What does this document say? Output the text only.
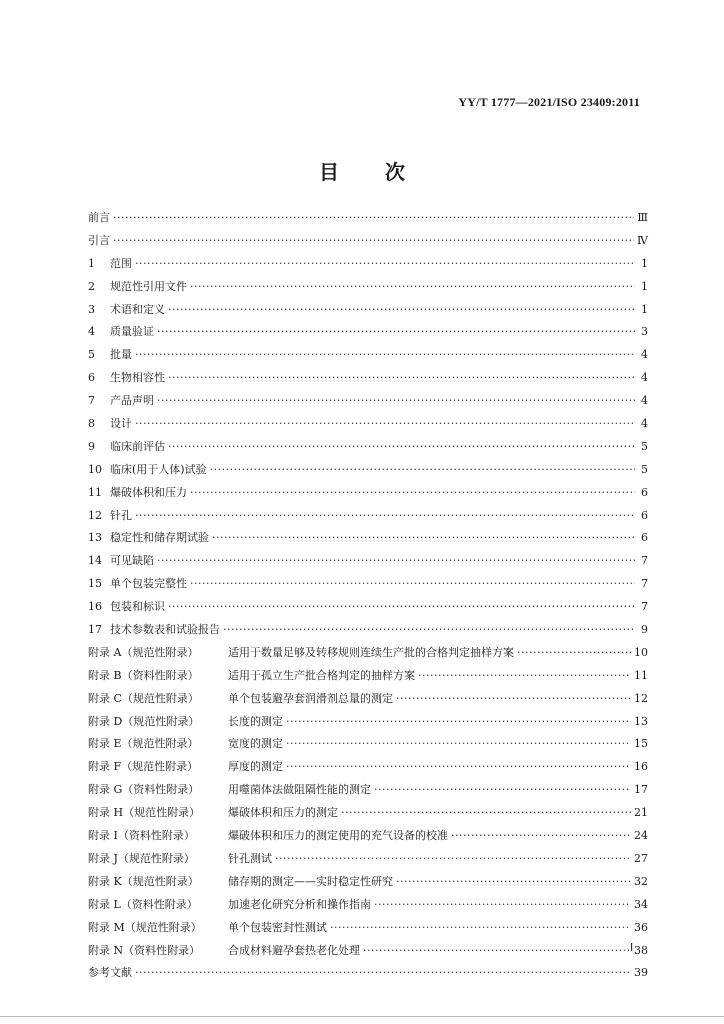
YY/T 1777—2021/ISO 23409:2011
目次
前言 ·····	Ⅲ
引言 ·····	Ⅳ
1	范围 ·····	1
2	规范性引用文件 ·····	1
3	术语和定义 ·····	1
4	质量验证 ·····	3
5	批量 ·····	4
6	生物相容性 ·····	4
7	产品声明 ·····	4
8	设计 ·····	4
9	临床前评估 ·····	5
10 临床(用于人体)试验 ·····	5
11 爆破体积和压力 ·····	6
12 针孔 ·····	6
13 稳定性和储存期试验 ·····	6
14 可见缺陷 ·····	7
15 单个包装完整性 ·····	7
16 包装和标识 ·····	7
17 技术参数表和试验报告 ·····	9
附录 A（规范性附录）	适用于数量足够及转移规则连续生产批的合格判定抽样方案 ·····	10
附录 B（资料性附录）	适用于孤立生产批合格判定的抽样方案 ·····	11
附录 C（规范性附录）	单个包装避孕套润滑剂总量的测定 ·····	12
附录 D（规范性附录）	长度的测定 ·····	13
附录 E（规范性附录）	宽度的测定 ·····	15
附录 F（规范性附录）	厚度的测定 ·····	16
附录 G（资料性附录）	用噬菌体法做阻隔性能的测定 ·····	17
附录 H（规范性附录）	爆破体积和压力的测定 ·····	21
附录 I（资料性附录）	爆破体积和压力的测定使用的充气设备的校准 ·····	24
附录 J（规范性附录）	针孔测试 ·····	27
附录 K（规范性附录）	储存期的测定——实时稳定性研究 ·····	32
附录 L（资料性附录）	加速老化研究分析和操作指南 ·····	34
附录 M（规范性附录）	单个包装密封性测试 ·····	36
附录 N（资料性附录）	合成材料避孕套热老化处理 ·····	38
参考文献 ·····	39
Ⅰ
